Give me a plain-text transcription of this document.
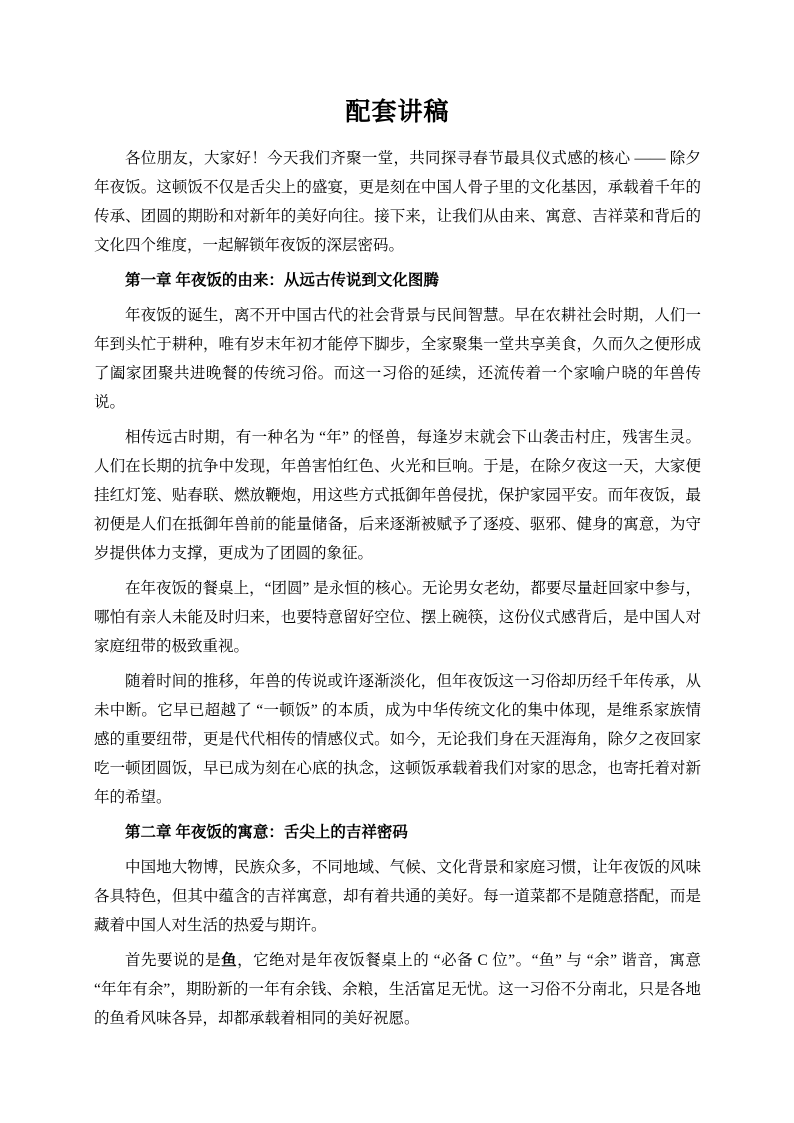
配套讲稿

各位朋友，大家好！今天我们齐聚一堂，共同探寻春节最具仪式感的核心 —— 除夕年夜饭。这顿饭不仅是舌尖上的盛宴，更是刻在中国人骨子里的文化基因，承载着千年的传承、团圆的期盼和对新年的美好向往。接下来，让我们从由来、寓意、吉祥菜和背后的文化四个维度，一起解锁年夜饭的深层密码。

第一章 年夜饭的由来：从远古传说到文化图腾

年夜饭的诞生，离不开中国古代的社会背景与民间智慧。早在农耕社会时期，人们一年到头忙于耕种，唯有岁末年初才能停下脚步，全家聚集一堂共享美食，久而久之便形成了阖家团聚共进晚餐的传统习俗。而这一习俗的延续，还流传着一个家喻户晓的年兽传说。

相传远古时期，有一种名为 “年” 的怪兽，每逢岁末就会下山袭击村庄，残害生灵。人们在长期的抗争中发现，年兽害怕红色、火光和巨响。于是，在除夕夜这一天，大家便挂红灯笼、贴春联、燃放鞭炮，用这些方式抵御年兽侵扰，保护家园平安。而年夜饭，最初便是人们在抵御年兽前的能量储备，后来逐渐被赋予了逐疫、驱邪、健身的寓意，为守岁提供体力支撑，更成为了团圆的象征。

在年夜饭的餐桌上，“团圆” 是永恒的核心。无论男女老幼，都要尽量赶回家中参与，哪怕有亲人未能及时归来，也要特意留好空位、摆上碗筷，这份仪式感背后，是中国人对家庭纽带的极致重视。

随着时间的推移，年兽的传说或许逐渐淡化，但年夜饭这一习俗却历经千年传承，从未中断。它早已超越了 “一顿饭” 的本质，成为中华传统文化的集中体现，是维系家族情感的重要纽带，更是代代相传的情感仪式。如今，无论我们身在天涯海角，除夕之夜回家吃一顿团圆饭，早已成为刻在心底的执念，这顿饭承载着我们对家的思念，也寄托着对新年的希望。

第二章 年夜饭的寓意：舌尖上的吉祥密码

中国地大物博，民族众多，不同地域、气候、文化背景和家庭习惯，让年夜饭的风味各具特色，但其中蕴含的吉祥寓意，却有着共通的美好。每一道菜都不是随意搭配，而是藏着中国人对生活的热爱与期许。

首先要说的是鱼，它绝对是年夜饭餐桌上的 “必备 C 位”。“鱼” 与 “余” 谐音，寓意 “年年有余”，期盼新的一年有余钱、余粮，生活富足无忧。这一习俗不分南北，只是各地的鱼肴风味各异，却都承载着相同的美好祝愿。
